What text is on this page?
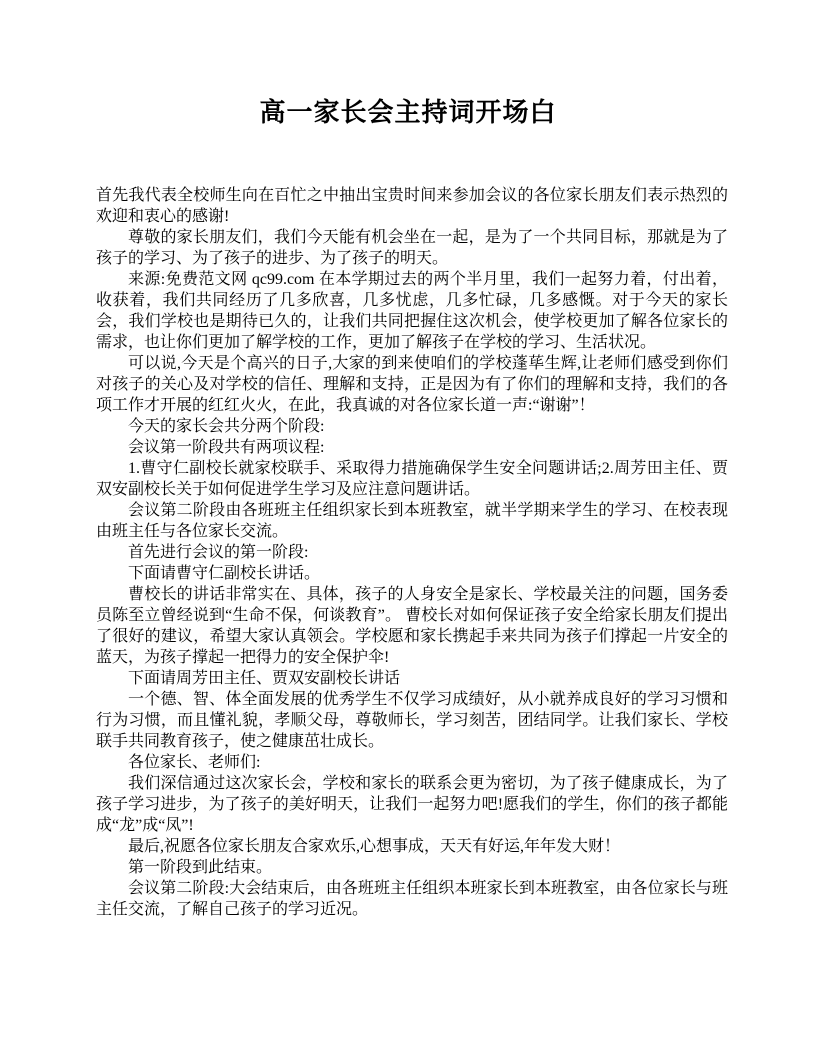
高一家长会主持词开场白

首先我代表全校师生向在百忙之中抽出宝贵时间来参加会议的各位家长朋友们表示热烈的欢迎和衷心的感谢!

尊敬的家长朋友们，我们今天能有机会坐在一起，是为了一个共同目标，那就是为了孩子的学习、为了孩子的进步、为了孩子的明天。

来源:免费范文网 qc99.com 在本学期过去的两个半月里，我们一起努力着，付出着，收获着，我们共同经历了几多欣喜，几多忧虑，几多忙碌，几多感慨。对于今天的家长会，我们学校也是期待已久的，让我们共同把握住这次机会，使学校更加了解各位家长的需求，也让你们更加了解学校的工作，更加了解孩子在学校的学习、生活状况。

可以说,今天是个高兴的日子,大家的到来使咱们的学校蓬荜生辉,让老师们感受到你们对孩子的关心及对学校的信任、理解和支持，正是因为有了你们的理解和支持，我们的各项工作才开展的红红火火，在此，我真诚的对各位家长道一声:“谢谢”！

今天的家长会共分两个阶段:

会议第一阶段共有两项议程:

1.曹守仁副校长就家校联手、采取得力措施确保学生安全问题讲话;2.周芳田主任、贾双安副校长关于如何促进学生学习及应注意问题讲话。

会议第二阶段由各班班主任组织家长到本班教室，就半学期来学生的学习、在校表现由班主任与各位家长交流。

首先进行会议的第一阶段:

下面请曹守仁副校长讲话。

曹校长的讲话非常实在、具体，孩子的人身安全是家长、学校最关注的问题，国务委员陈至立曾经说到“生命不保，何谈教育”。 曹校长对如何保证孩子安全给家长朋友们提出了很好的建议，希望大家认真领会。学校愿和家长携起手来共同为孩子们撑起一片安全的蓝天，为孩子撑起一把得力的安全保护伞!

下面请周芳田主任、贾双安副校长讲话

一个德、智、体全面发展的优秀学生不仅学习成绩好，从小就养成良好的学习习惯和行为习惯，而且懂礼貌，孝顺父母，尊敬师长，学习刻苦，团结同学。让我们家长、学校联手共同教育孩子，使之健康茁壮成长。

各位家长、老师们:

我们深信通过这次家长会，学校和家长的联系会更为密切，为了孩子健康成长，为了孩子学习进步，为了孩子的美好明天，让我们一起努力吧!愿我们的学生，你们的孩子都能成“龙”成“凤”!

最后,祝愿各位家长朋友合家欢乐,心想事成，天天有好运,年年发大财！

第一阶段到此结束。

会议第二阶段:大会结束后，由各班班主任组织本班家长到本班教室，由各位家长与班主任交流，了解自己孩子的学习近况。
